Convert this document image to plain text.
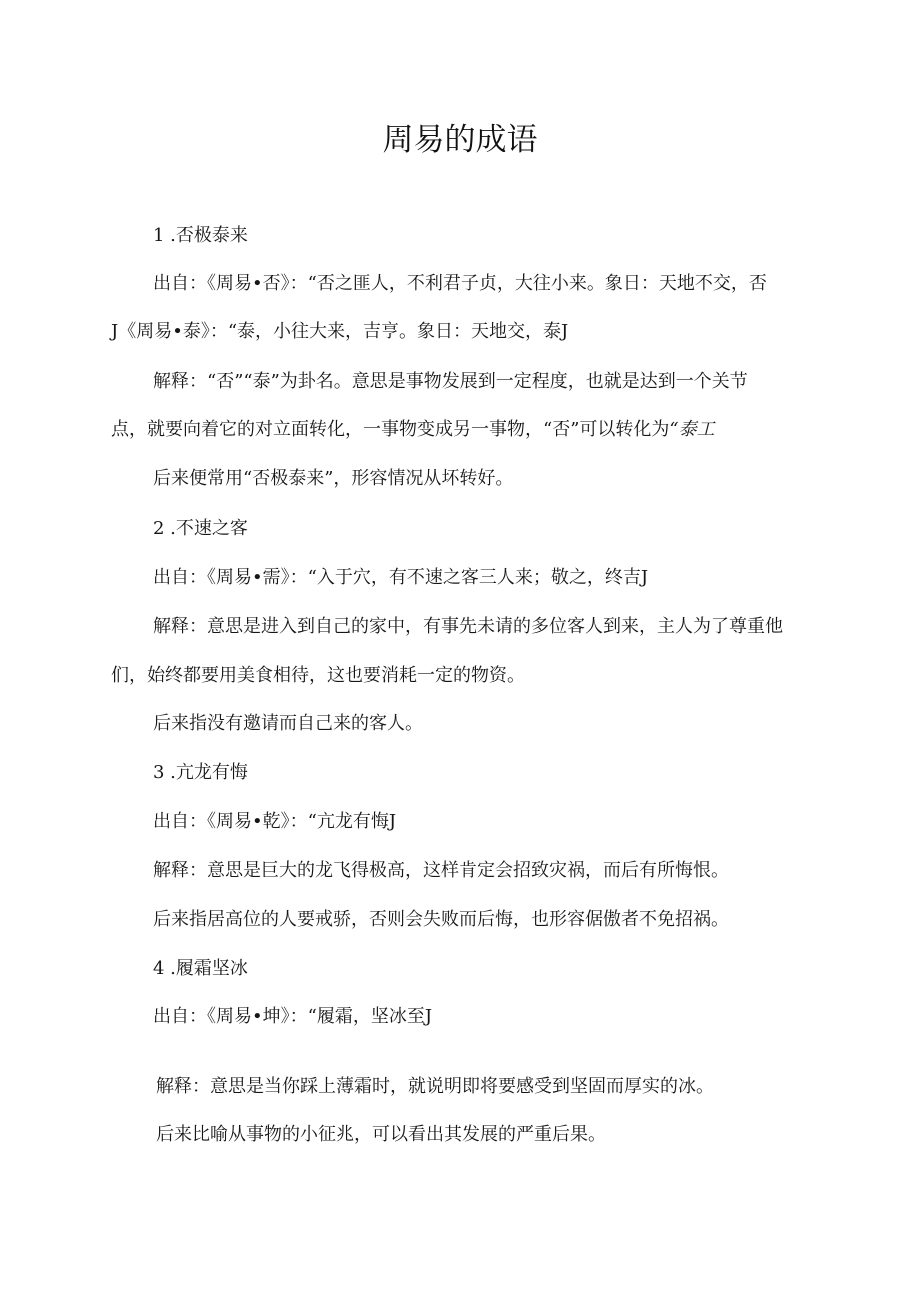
周易的成语
1 .否极泰来
出自：《周易•否》：“否之匪人，不利君子贞，大往小来。象日：天地不交，否
J《周易•泰》：“泰，小往大来，吉亨。象日：天地交，泰J
解释：“否”“泰”为卦名。意思是事物发展到一定程度，也就是达到一个关节
点，就要向着它的对立面转化，一事物变成另一事物，“否”可以转化为“泰工
后来便常用“否极泰来”，形容情况从坏转好。
2 .不速之客
出自：《周易•需》：“入于穴，有不速之客三人来；敬之，终吉J
解释：意思是进入到自己的家中，有事先未请的多位客人到来，主人为了尊重他
们，始终都要用美食相待，这也要消耗一定的物资。
后来指没有邀请而自己来的客人。
3 .亢龙有悔
出自：《周易•乾》：“亢龙有悔J
解释：意思是巨大的龙飞得极高，这样肯定会招致灾祸，而后有所悔恨。
后来指居高位的人要戒骄，否则会失败而后悔，也形容倨傲者不免招祸。
4 .履霜坚冰
出自：《周易•坤》：“履霜，坚冰至J
解释：意思是当你踩上薄霜时，就说明即将要感受到坚固而厚实的冰。
后来比喻从事物的小征兆，可以看出其发展的严重后果。
